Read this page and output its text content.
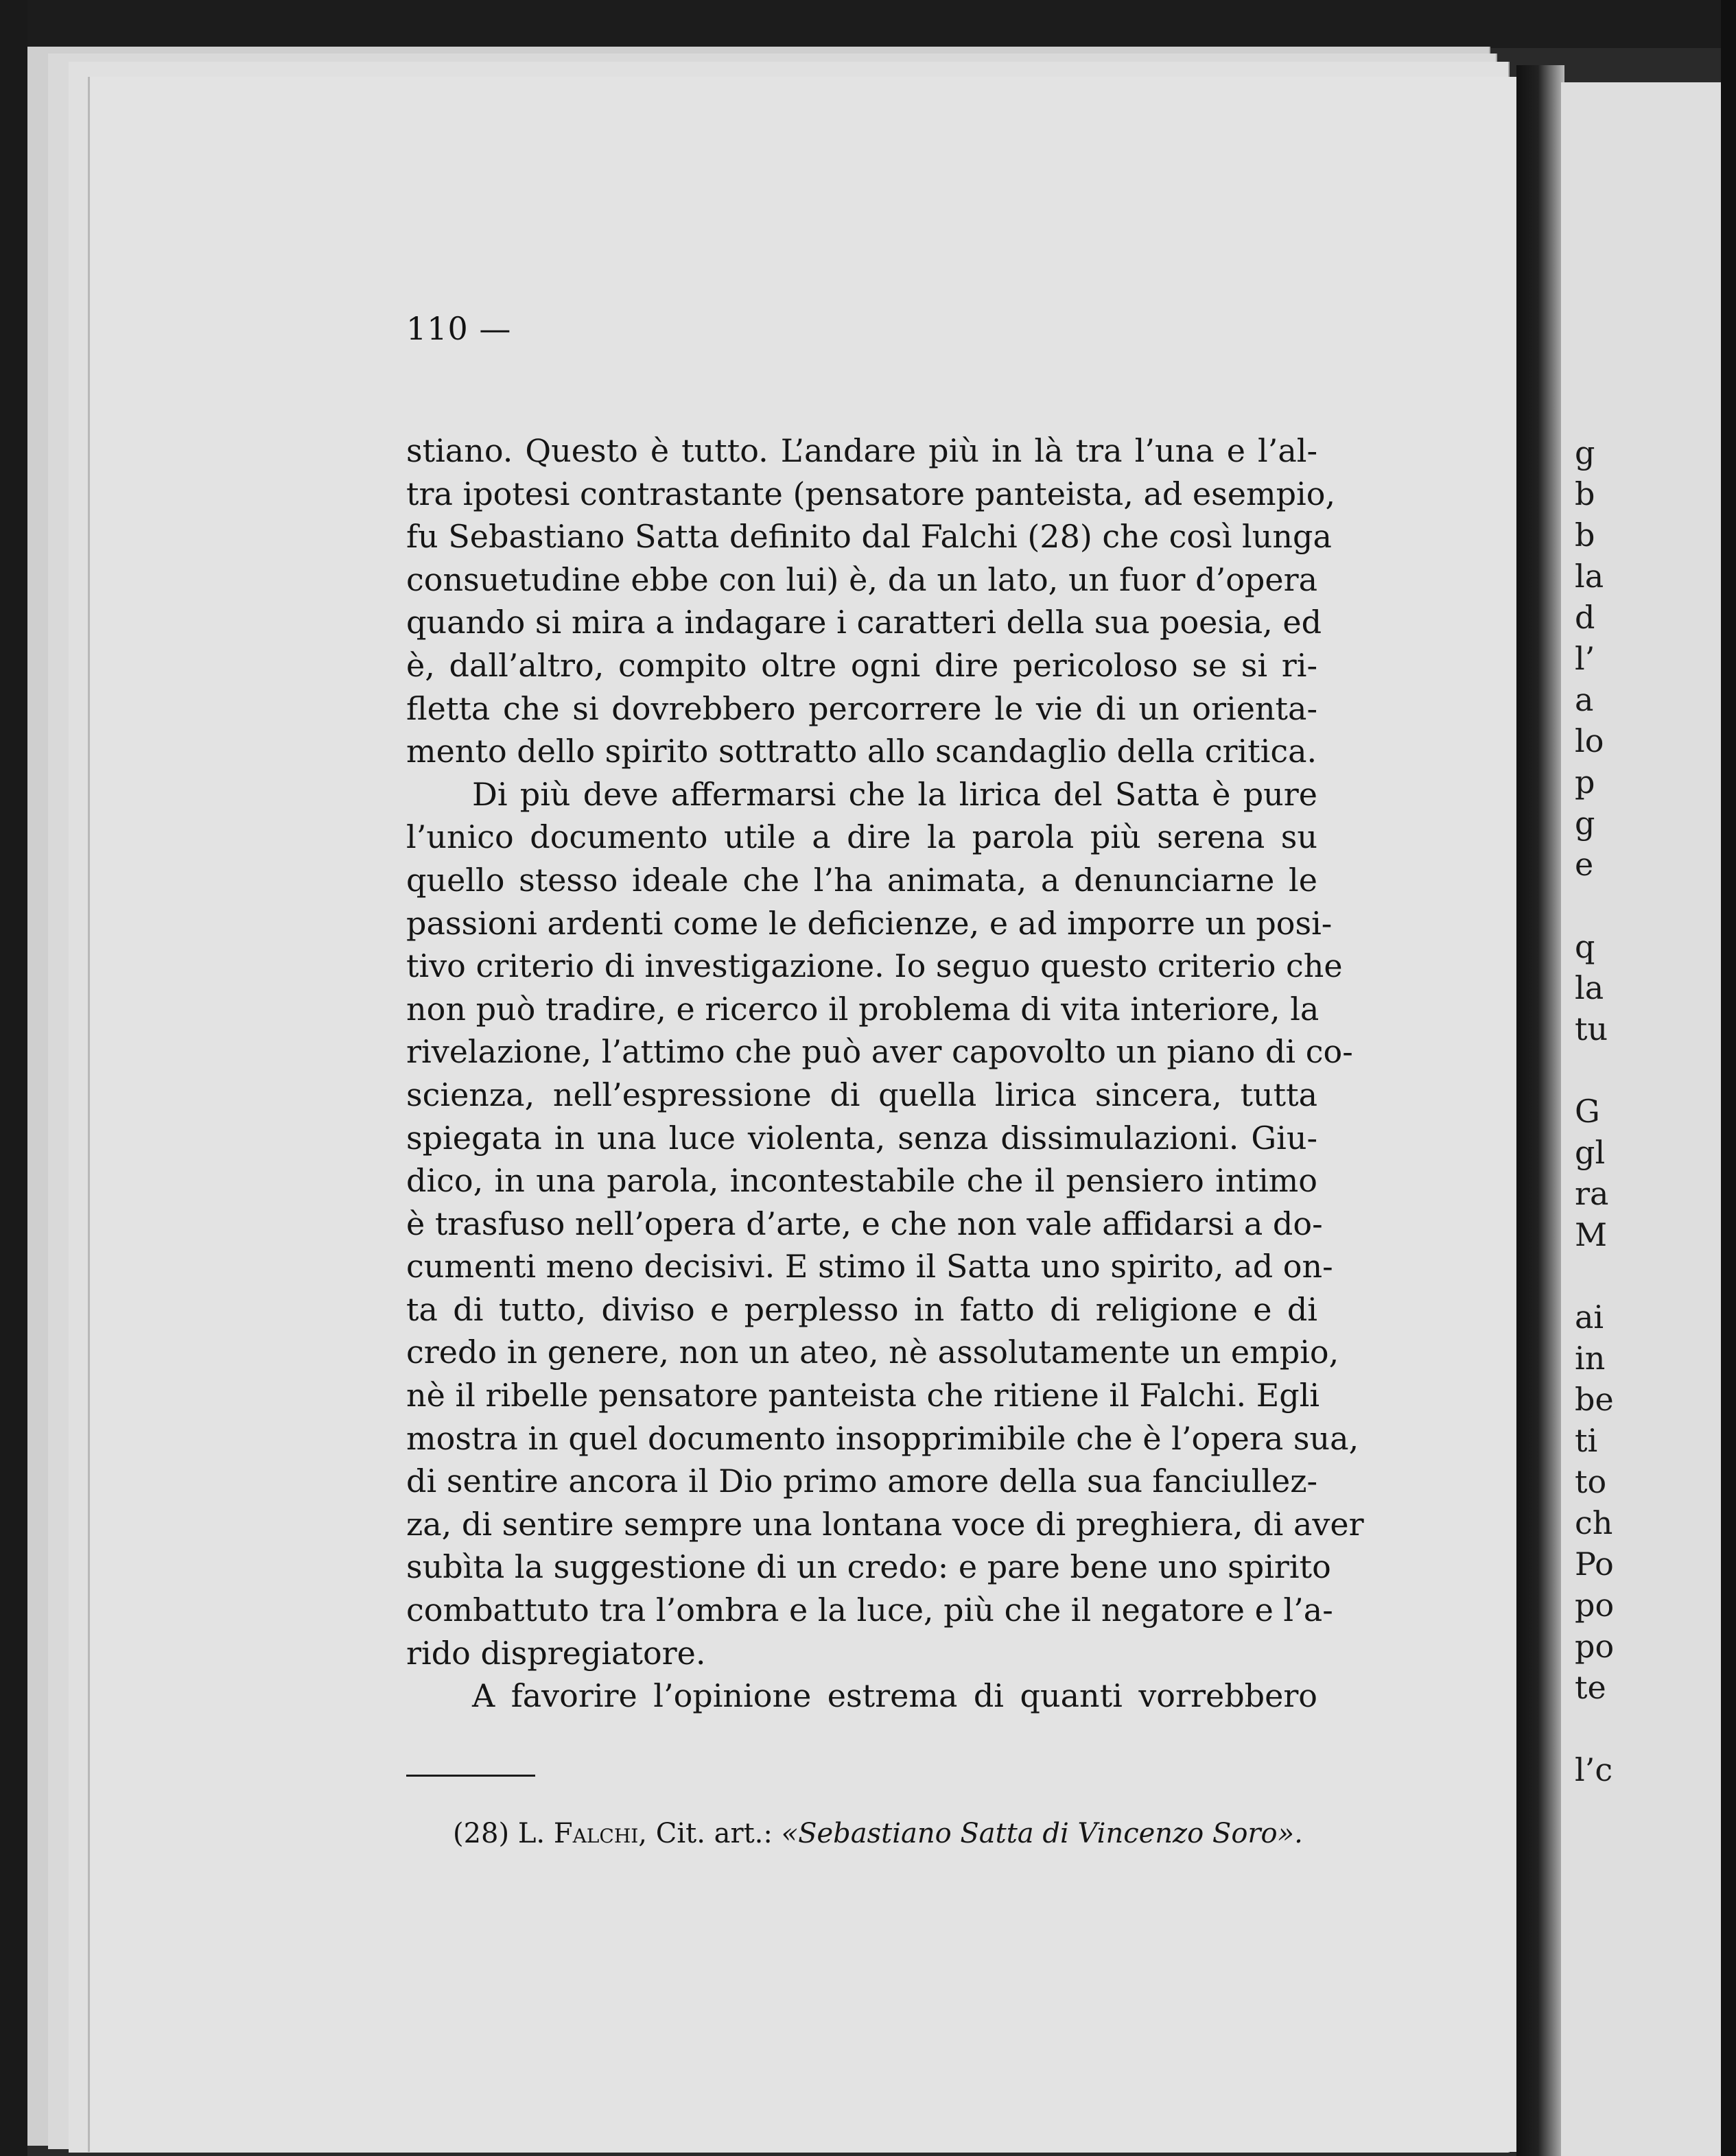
g
b
b
la
d
l’
a
lo
p
g
e
q
la
tu
G
gl
ra
M
ai
in
be
ti
to
ch
Po
po
po
te
l’c
110 —
stiano. Questo è tutto. L’andare più in là tra l’una e l’al-
tra ipotesi contrastante (pensatore panteista, ad esempio,
fu Sebastiano Satta definito dal Falchi (28) che così lunga
consuetudine ebbe con lui) è, da un lato, un fuor d’opera
quando si mira a indagare i caratteri della sua poesia, ed
è, dall’altro, compito oltre ogni dire pericoloso se si ri-
fletta che si dovrebbero percorrere le vie di un orienta-
mento dello spirito sottratto allo scandaglio della critica.
Di più deve affermarsi che la lirica del Satta è pure
l’unico documento utile a dire la parola più serena su
quello stesso ideale che l’ha animata, a denunciarne le
passioni ardenti come le deficienze, e ad imporre un posi-
tivo criterio di investigazione. Io seguo questo criterio che
non può tradire, e ricerco il problema di vita interiore, la
rivelazione, l’attimo che può aver capovolto un piano di co-
scienza, nell’espressione di quella lirica sincera, tutta
spiegata in una luce violenta, senza dissimulazioni. Giu-
dico, in una parola, incontestabile che il pensiero intimo
è trasfuso nell’opera d’arte, e che non vale affidarsi a do-
cumenti meno decisivi. E stimo il Satta uno spirito, ad on-
ta di tutto, diviso e perplesso in fatto di religione e di
credo in genere, non un ateo, nè assolutamente un empio,
nè il ribelle pensatore panteista che ritiene il Falchi. Egli
mostra in quel documento insopprimibile che è l’opera sua,
di sentire ancora il Dio primo amore della sua fanciullez-
za, di sentire sempre una lontana voce di preghiera, di aver
subìta la suggestione di un credo: e pare bene uno spirito
combattuto tra l’ombra e la luce, più che il negatore e l’a-
rido dispregiatore.
A favorire l’opinione estrema di quanti vorrebbero
(28) L. Falchi, Cit. art.: «Sebastiano Satta di Vincenzo Soro».
